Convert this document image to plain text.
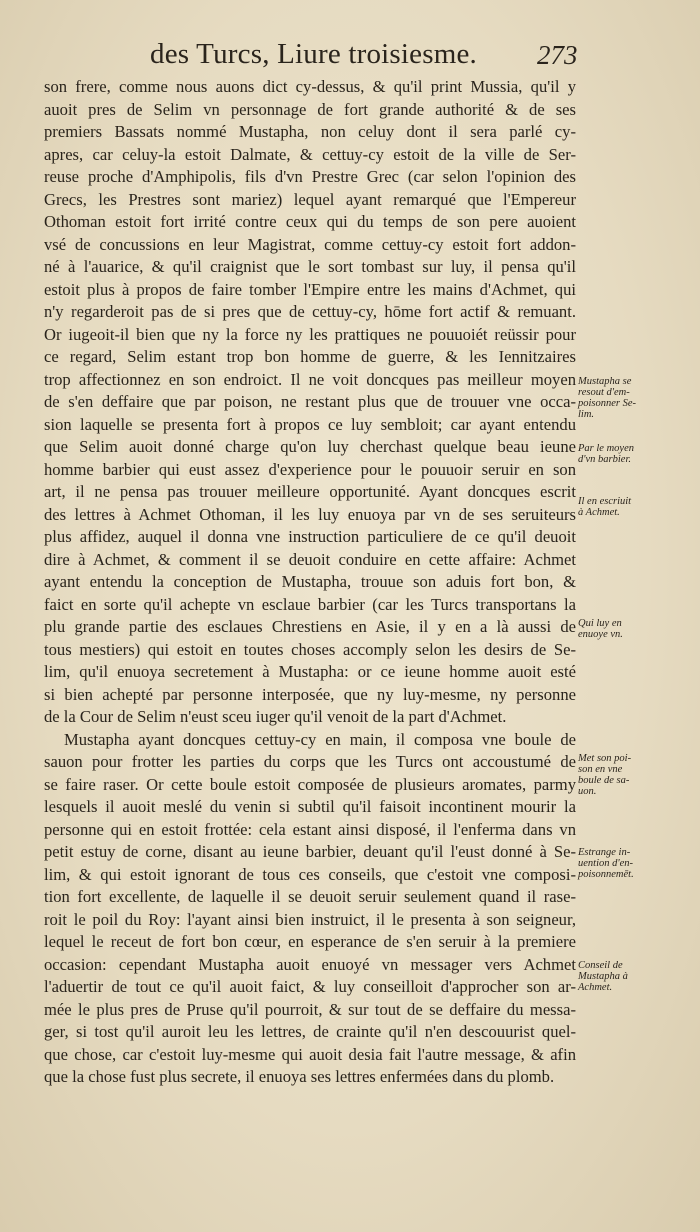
des Turcs, Liure troisiesme. 273
son frere, comme nous auons dict cy-dessus, & qu'il print Mussia, qu'il y
auoit pres de Selim vn personnage de fort grande authorité & de ses
premiers Bassats nommé Mustapha, non celuy dont il sera parlé cy-
apres, car celuy-la estoit Dalmate, & cettuy-cy estoit de la ville de Ser-
reuse proche d'Amphipolis, fils d'vn Prestre Grec (car selon l'opinion des
Grecs, les Prestres sont mariez) lequel ayant remarqué que l'Empereur
Othoman estoit fort irrité contre ceux qui du temps de son pere auoient
vsé de concussions en leur Magistrat, comme cettuy-cy estoit fort addon-
né à l'auarice, & qu'il craignist que le sort tombast sur luy, il pensa qu'il
estoit plus à propos de faire tomber l'Empire entre les mains d'Achmet, qui
n'y regarderoit pas de si pres que de cettuy-cy, hōme fort actif & remuant.
Or iugeoit-il bien que ny la force ny les prattiques ne pouuoiét reüssir pour
ce regard, Selim estant trop bon homme de guerre, & les Iennitzaires
trop affectionnez en son endroict. Il ne voit doncques pas meilleur moyen
de s'en deffaire que par poison, ne restant plus que de trouuer vne occa-
sion laquelle se presenta fort à propos ce luy sembloit; car ayant entendu
que Selim auoit donné charge qu'on luy cherchast quelque beau ieune
homme barbier qui eust assez d'experience pour le pouuoir seruir en son
art, il ne pensa pas trouuer meilleure opportunité. Ayant doncques escrit
des lettres à Achmet Othoman, il les luy enuoya par vn de ses seruiteurs
plus affidez, auquel il donna vne instruction particuliere de ce qu'il deuoit
dire à Achmet, & comment il se deuoit conduire en cette affaire: Achmet
ayant entendu la conception de Mustapha, trouue son aduis fort bon, &
faict en sorte qu'il achepte vn esclaue barbier (car les Turcs transportans la
plu grande partie des esclaues Chrestiens en Asie, il y en a là aussi de
tous mestiers) qui estoit en toutes choses accomply selon les desirs de Se-
lim, qu'il enuoya secretement à Mustapha: or ce ieune homme auoit esté
si bien achepté par personne interposée, que ny luy-mesme, ny personne
de la Cour de Selim n'eust sceu iuger qu'il venoit de la part d'Achmet.
Mustapha ayant doncques cettuy-cy en main, il composa vne boule de
sauon pour frotter les parties du corps que les Turcs ont accoustumé de
se faire raser. Or cette boule estoit composée de plusieurs aromates, parmy
lesquels il auoit meslé du venin si subtil qu'il faisoit incontinent mourir la
personne qui en estoit frottée: cela estant ainsi disposé, il l'enferma dans vn
petit estuy de corne, disant au ieune barbier, deuant qu'il l'eust donné à Se-
lim, & qui estoit ignorant de tous ces conseils, que c'estoit vne composi-
tion fort excellente, de laquelle il se deuoit seruir seulement quand il rase-
roit le poil du Roy: l'ayant ainsi bien instruict, il le presenta à son seigneur,
lequel le receut de fort bon cœur, en esperance de s'en seruir à la premiere
occasion: cependant Mustapha auoit enuoyé vn messager vers Achmet
l'aduertir de tout ce qu'il auoit faict, & luy conseilloit d'approcher son ar-
mée le plus pres de Pruse qu'il pourroit, & sur tout de se deffaire du messa-
ger, si tost qu'il auroit leu les lettres, de crainte qu'il n'en descouurist quel-
que chose, car c'estoit luy-mesme qui auoit desia fait l'autre message, & afin
que la chose fust plus secrete, il enuoya ses lettres enfermées dans du plomb.
Mustapha se
resout d'em-
poisonner Se-
lim.
Par le moyen
d'vn barbier.
Il en escriuit
à Achmet.
Qui luy en
enuoye vn.
Met son poi-
son en vne
boule de sa-
uon.
Estrange in-
uention d'en-
poisonnemēt.
Conseil de
Mustapha à
Achmet.
